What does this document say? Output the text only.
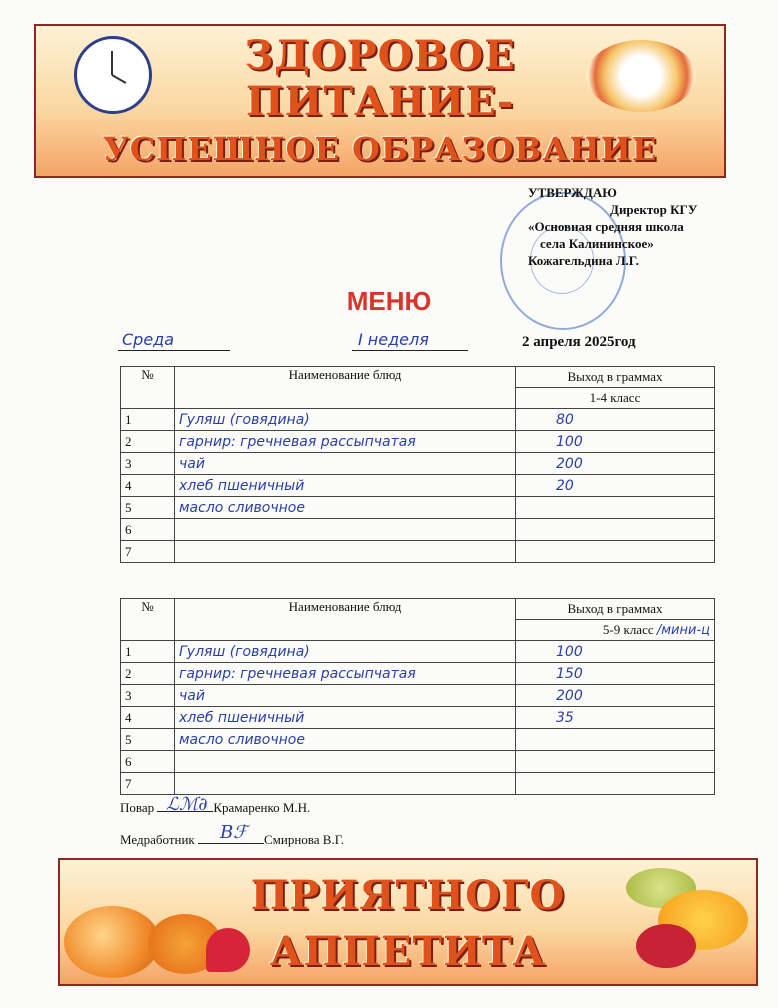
ЗДОРОВОЕ
ПИТАНИЕ-
УСПЕШНОЕ ОБРАЗОВАНИЕ
УТВЕРЖДАЮ
Директор КГУ
«Основная средняя школа
села Калининское»
Кожагельдина Л.Г.
МЕНЮ
Среда	I неделя	2 апреля 2025год
№	Наименование блюд	Выход в граммах
		1-4 класс
1	Гуляш (говядина)	80
2	гарнир: гречневая рассыпчатая	100
3	чай	200
4	хлеб пшеничный	20
5	масло сливочное	
6		
7		
№	Наименование блюд	Выход в граммах
		5-9 класс /мини-ц
1	Гуляш (говядина)	100
2	гарнир: гречневая рассыпчатая	150
3	чай	200
4	хлеб пшеничный	35
5	масло сливочное	
6		
7		
Повар	Крамаренко М.Н.
ℒℳ∂
Медработник	Смирнова В.Г.
Вℱ
ПРИЯТНОГО
АППЕТИТА
